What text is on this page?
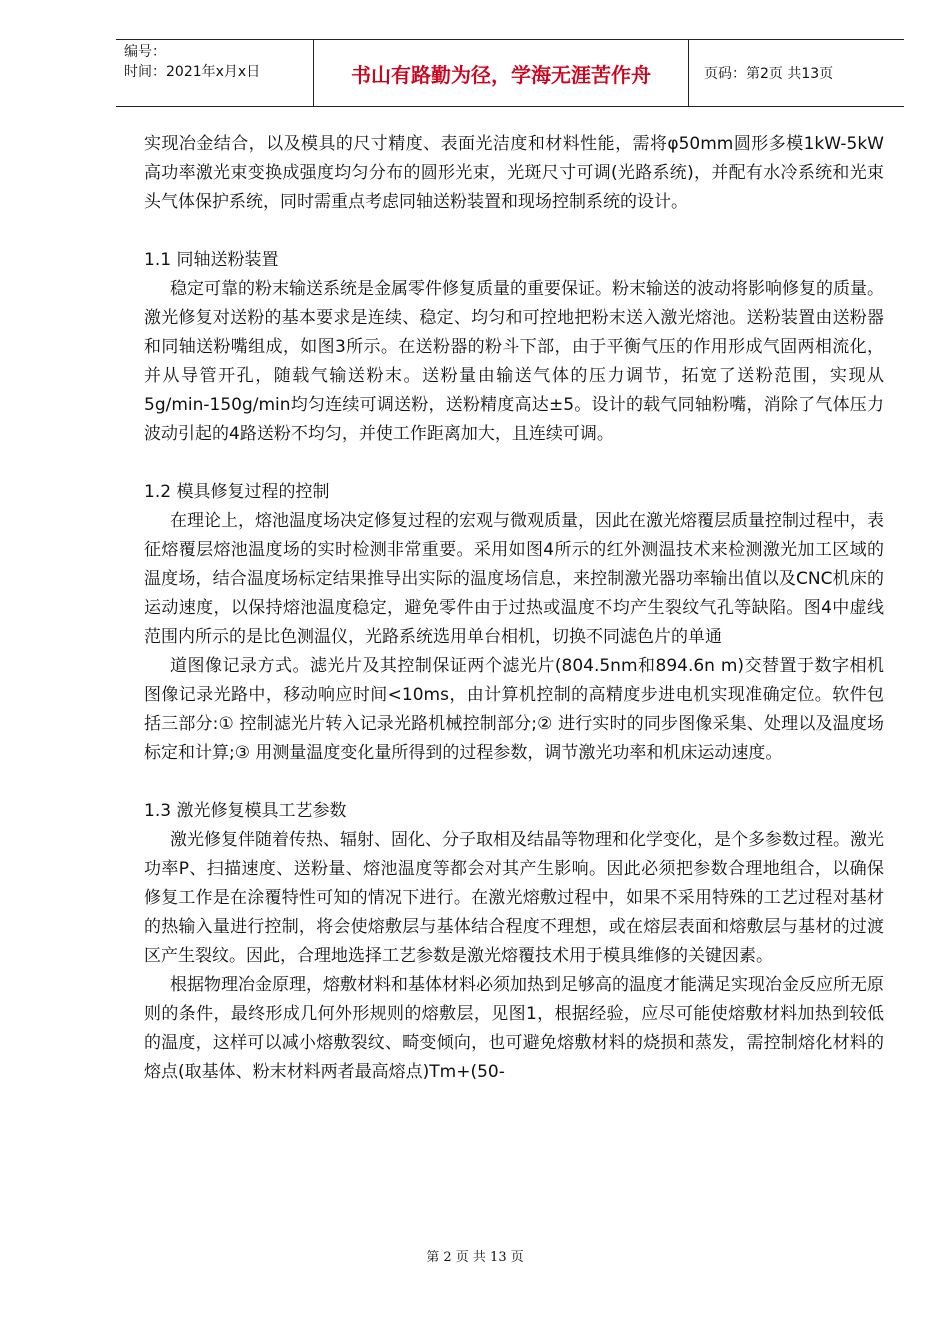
编号：
时间：2021年x月x日	书山有路勤为径，学海无涯苦作舟	页码：第2页 共13页

实现冶金结合，以及模具的尺寸精度、表面光洁度和材料性能，需将φ50mm圆形多模1kW-5kW高功率激光束变换成强度均匀分布的圆形光束，光斑尺寸可调(光路系统)，并配有水冷系统和光束头气体保护系统，同时需重点考虑同轴送粉装置和现场控制系统的设计。

1.1 同轴送粉装置

稳定可靠的粉末输送系统是金属零件修复质量的重要保证。粉末输送的波动将影响修复的质量。激光修复对送粉的基本要求是连续、稳定、均匀和可控地把粉末送入激光熔池。送粉装置由送粉器和同轴送粉嘴组成，如图3所示。在送粉器的粉斗下部，由于平衡气压的作用形成气固两相流化，并从导管开孔，随载气输送粉末。送粉量由输送气体的压力调节，拓宽了送粉范围，实现从5g/min-150g/min均匀连续可调送粉，送粉精度高达±5。设计的载气同轴粉嘴，消除了气体压力波动引起的4路送粉不均匀，并使工作距离加大，且连续可调。

1.2 模具修复过程的控制

在理论上，熔池温度场决定修复过程的宏观与微观质量，因此在激光熔覆层质量控制过程中，表征熔覆层熔池温度场的实时检测非常重要。采用如图4所示的红外测温技术来检测激光加工区域的温度场，结合温度场标定结果推导出实际的温度场信息，来控制激光器功率输出值以及CNC机床的运动速度，以保持熔池温度稳定，避免零件由于过热或温度不均产生裂纹气孔等缺陷。图4中虚线范围内所示的是比色测温仪，光路系统选用单台相机，切换不同滤色片的单通

道图像记录方式。滤光片及其控制保证两个滤光片(804.5nm和894.6n m)交替置于数字相机图像记录光路中，移动响应时间<10ms，由计算机控制的高精度步进电机实现准确定位。软件包括三部分:① 控制滤光片转入记录光路机械控制部分;② 进行实时的同步图像采集、处理以及温度场标定和计算;③ 用测量温度变化量所得到的过程参数，调节激光功率和机床运动速度。

1.3 激光修复模具工艺参数

激光修复伴随着传热、辐射、固化、分子取相及结晶等物理和化学变化，是个多参数过程。激光功率P、扫描速度、送粉量、熔池温度等都会对其产生影响。因此必须把参数合理地组合，以确保修复工作是在涂覆特性可知的情况下进行。在激光熔敷过程中，如果不采用特殊的工艺过程对基材的热输入量进行控制，将会使熔敷层与基体结合程度不理想，或在熔层表面和熔敷层与基材的过渡区产生裂纹。因此，合理地选择工艺参数是激光熔覆技术用于模具维修的关键因素。

根据物理冶金原理，熔敷材料和基体材料必须加热到足够高的温度才能满足实现冶金反应所无原则的条件，最终形成几何外形规则的熔敷层，见图1，根据经验，应尽可能使熔敷材料加热到较低的温度，这样可以减小熔敷裂纹、畸变倾向，也可避免熔敷材料的烧损和蒸发，需控制熔化材料的熔点(取基体、粉末材料两者最高熔点)Tm+(50-

第 2 页 共 13 页
